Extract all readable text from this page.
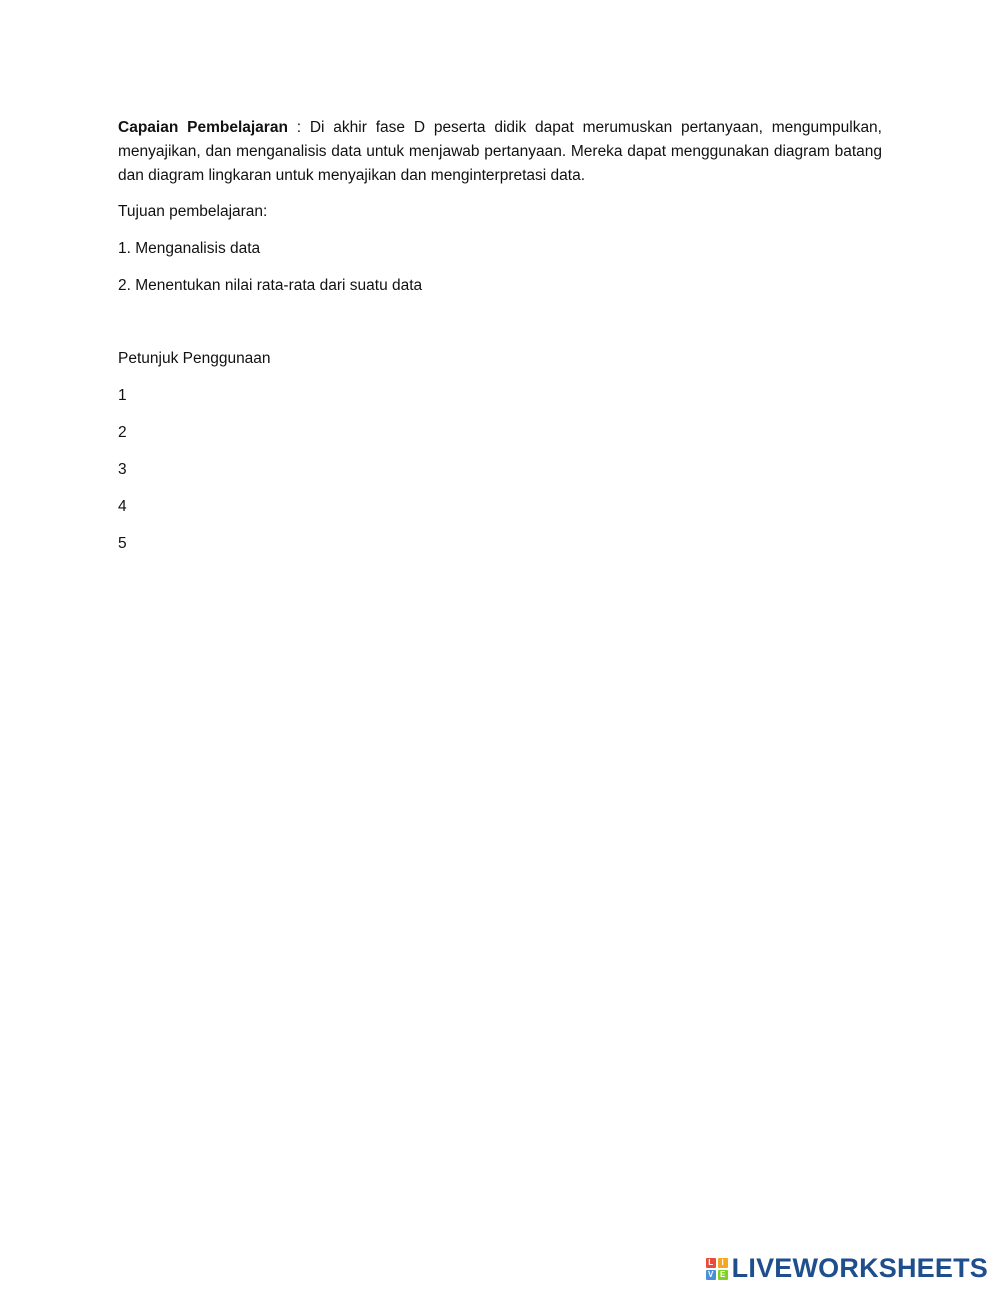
Capaian Pembelajaran : Di akhir fase D peserta didik dapat merumuskan pertanyaan, mengumpulkan, menyajikan, dan menganalisis data untuk menjawab pertanyaan. Mereka dapat menggunakan diagram batang dan diagram lingkaran untuk menyajikan dan menginterpretasi data.

Tujuan pembelajaran:

1. Menganalisis data

2. Menentukan nilai rata-rata dari suatu data

Petunjuk Penggunaan

1

2

3

4

5

L	I
V E LIVEWORKSHEETS
